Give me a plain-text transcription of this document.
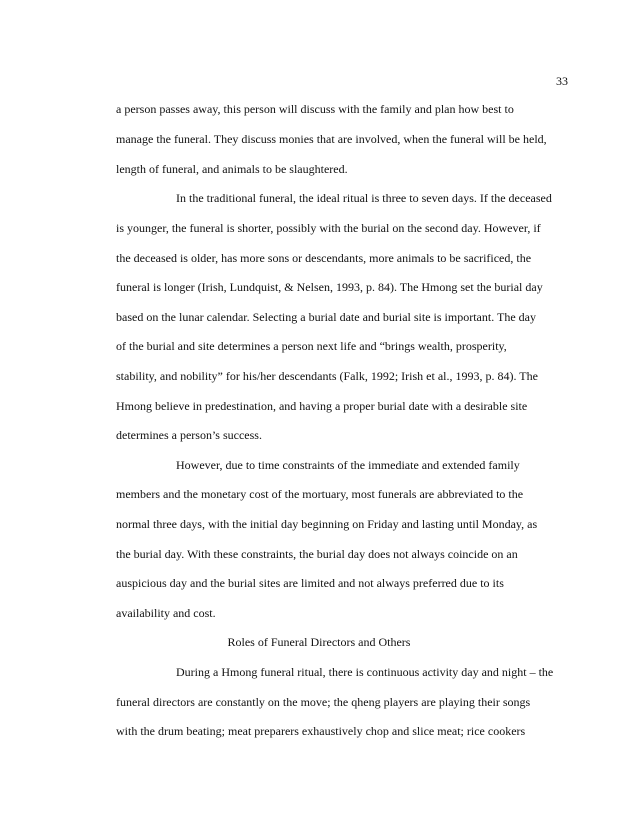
33
a person passes away, this person will discuss with the family and plan how best to
manage the funeral. They discuss monies that are involved, when the funeral will be held,
length of funeral, and animals to be slaughtered.
In the traditional funeral, the ideal ritual is three to seven days. If the deceased
is younger, the funeral is shorter, possibly with the burial on the second day. However, if
the deceased is older, has more sons or descendants, more animals to be sacrificed, the
funeral is longer (Irish, Lundquist, & Nelsen, 1993, p. 84). The Hmong set the burial day
based on the lunar calendar. Selecting a burial date and burial site is important. The day
of the burial and site determines a person next life and “brings wealth, prosperity,
stability, and nobility” for his/her descendants (Falk, 1992; Irish et al., 1993, p. 84). The
Hmong believe in predestination, and having a proper burial date with a desirable site
determines a person’s success.
However, due to time constraints of the immediate and extended family
members and the monetary cost of the mortuary, most funerals are abbreviated to the
normal three days, with the initial day beginning on Friday and lasting until Monday, as
the burial day. With these constraints, the burial day does not always coincide on an
auspicious day and the burial sites are limited and not always preferred due to its
availability and cost.
Roles of Funeral Directors and Others
During a Hmong funeral ritual, there is continuous activity day and night – the
funeral directors are constantly on the move; the qheng players are playing their songs
with the drum beating; meat preparers exhaustively chop and slice meat; rice cookers
